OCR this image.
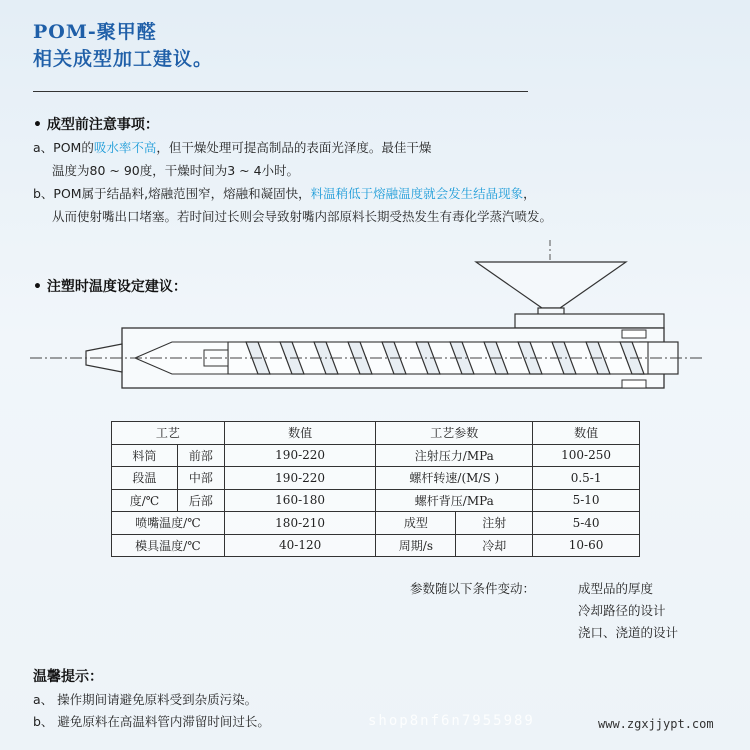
POM-聚甲醛
相关成型加工建议。
• 成型前注意事项：
a、POM的吸水率不高，但干燥处理可提高制品的表面光泽度。最佳干燥
温度为80 ~ 90度，干燥时间为3 ~ 4小时。
b、POM属于结晶料,熔融范围窄，熔融和凝固快，料温稍低于熔融温度就会发生结晶现象，
从而使射嘴出口堵塞。若时间过长则会导致射嘴内部原料长期受热发生有毒化学蒸汽喷发。
• 注塑时温度设定建议：
工艺		数值	工艺参数		数值
料筒	前部	190-220	注射压力/MPa		100-250
段温	中部	190-220	螺杆转速/(M/S )		0.5-1
度/℃	后部	160-180	螺杆背压/MPa		5-10
喷嘴温度/℃		180-210	成型	注射	5-40
模具温度/℃		40-120	周期/s	冷却	10-60
参数随以下条件变动：	成型品的厚度
冷却路径的设计
浇口、浇道的设计
温馨提示：
a、 操作期间请避免原料受到杂质污染。
b、 避免原料在高温料管内滞留时间过长。	shop8nf6n7955989	www.zgxjjypt.com
